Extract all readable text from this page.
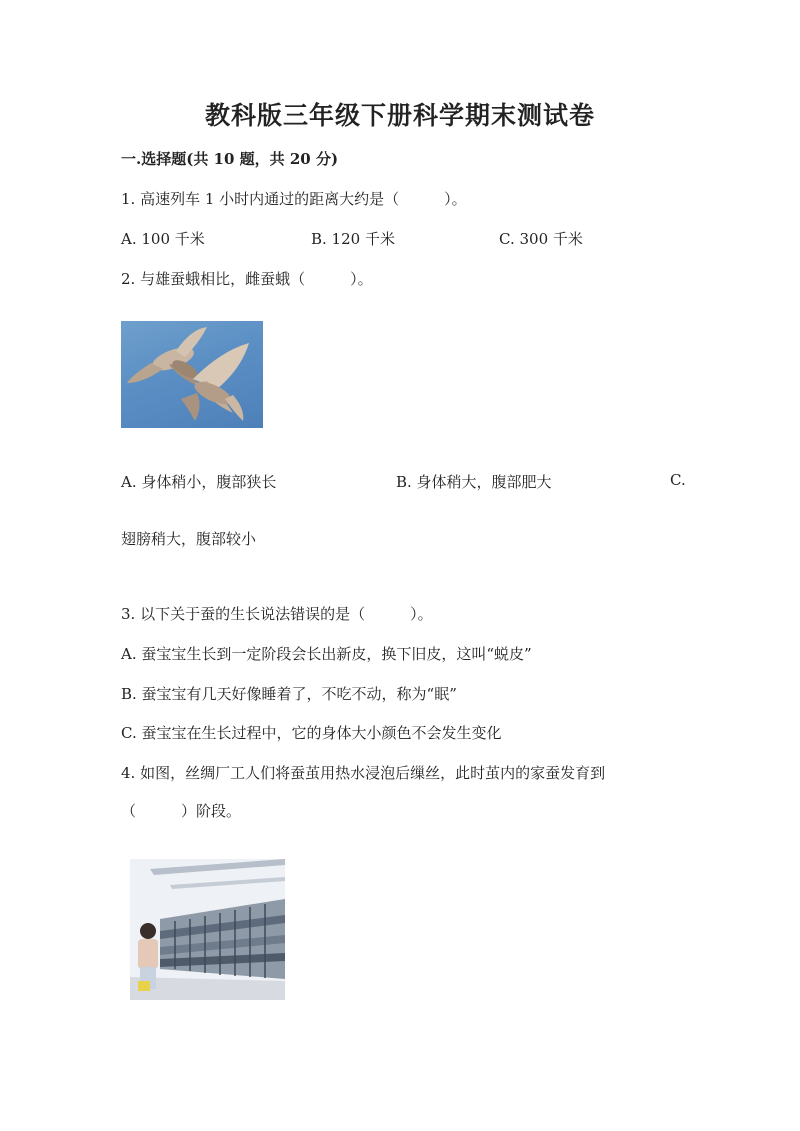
教科版三年级下册科学期末测试卷
一.选择题(共 10 题，共 20 分)
1. 高速列车 1 小时内通过的距离大约是（　　　）。
A. 100 千米	B. 120 千米	C. 300 千米
2. 与雄蚕蛾相比，雌蚕蛾（　　　）。
A. 身体稍小，腹部狭长	B. 身体稍大，腹部肥大	C.
翅膀稍大，腹部较小
3. 以下关于蚕的生长说法错误的是（　　　）。
A. 蚕宝宝生长到一定阶段会长出新皮，换下旧皮，这叫“蜕皮”
B. 蚕宝宝有几天好像睡着了，不吃不动，称为“眠”
C. 蚕宝宝在生长过程中，它的身体大小颜色不会发生变化
4. 如图，丝绸厂工人们将蚕茧用热水浸泡后缫丝，此时茧内的家蚕发育到
（　　　）阶段。
